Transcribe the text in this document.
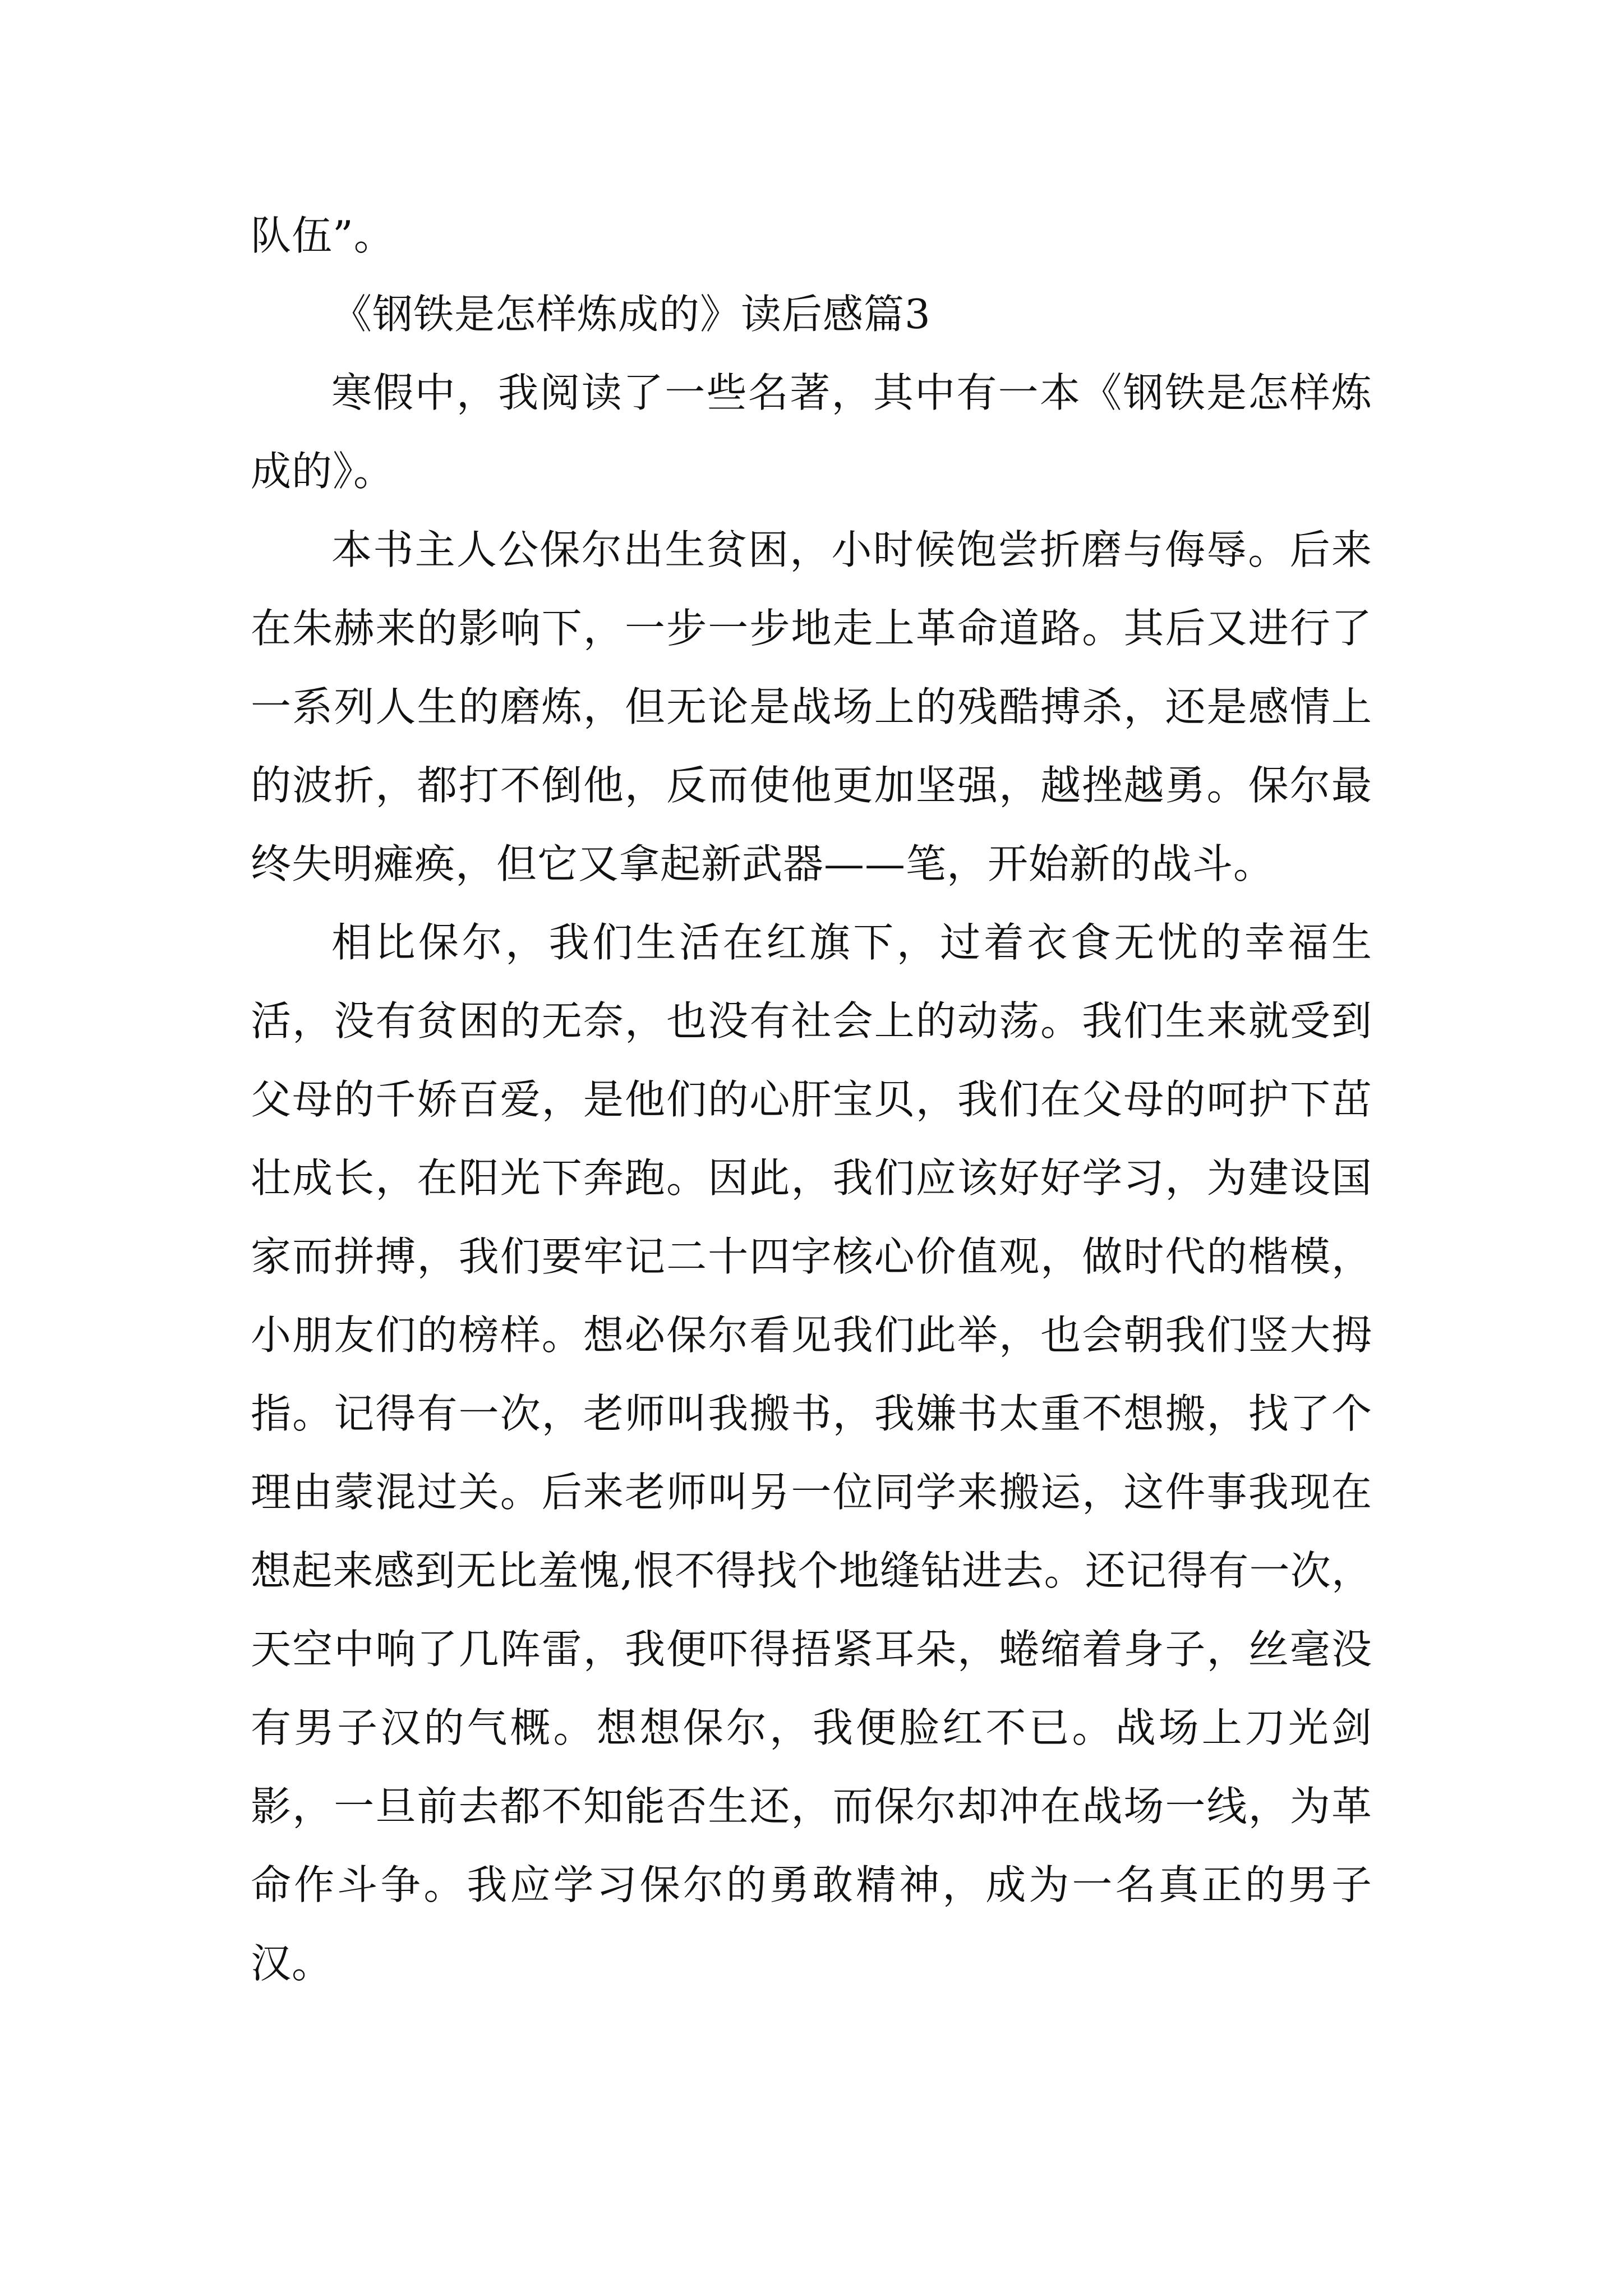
队伍”。

《钢铁是怎样炼成的》读后感篇3

寒假中，我阅读了一些名著，其中有一本《钢铁是怎样炼成的》。

本书主人公保尔出生贫困，小时候饱尝折磨与侮辱。后来在朱赫来的影响下，一步一步地走上革命道路。其后又进行了一系列人生的磨炼，但无论是战场上的残酷搏杀，还是感情上的波折，都打不倒他，反而使他更加坚强，越挫越勇。保尔最终失明瘫痪，但它又拿起新武器——笔，开始新的战斗。

相比保尔，我们生活在红旗下，过着衣食无忧的幸福生活，没有贫困的无奈，也没有社会上的动荡。我们生来就受到父母的千娇百爱，是他们的心肝宝贝，我们在父母的呵护下茁壮成长，在阳光下奔跑。因此，我们应该好好学习，为建设国家而拼搏，我们要牢记二十四字核心价值观，做时代的楷模，小朋友们的榜样。想必保尔看见我们此举，也会朝我们竖大拇指。记得有一次，老师叫我搬书，我嫌书太重不想搬，找了个理由蒙混过关。后来老师叫另一位同学来搬运，这件事我现在想起来感到无比羞愧,恨不得找个地缝钻进去。还记得有一次，天空中响了几阵雷，我便吓得捂紧耳朵，蜷缩着身子，丝毫没有男子汉的气概。想想保尔，我便脸红不已。战场上刀光剑影，一旦前去都不知能否生还，而保尔却冲在战场一线，为革命作斗争。我应学习保尔的勇敢精神，成为一名真正的男子汉。
